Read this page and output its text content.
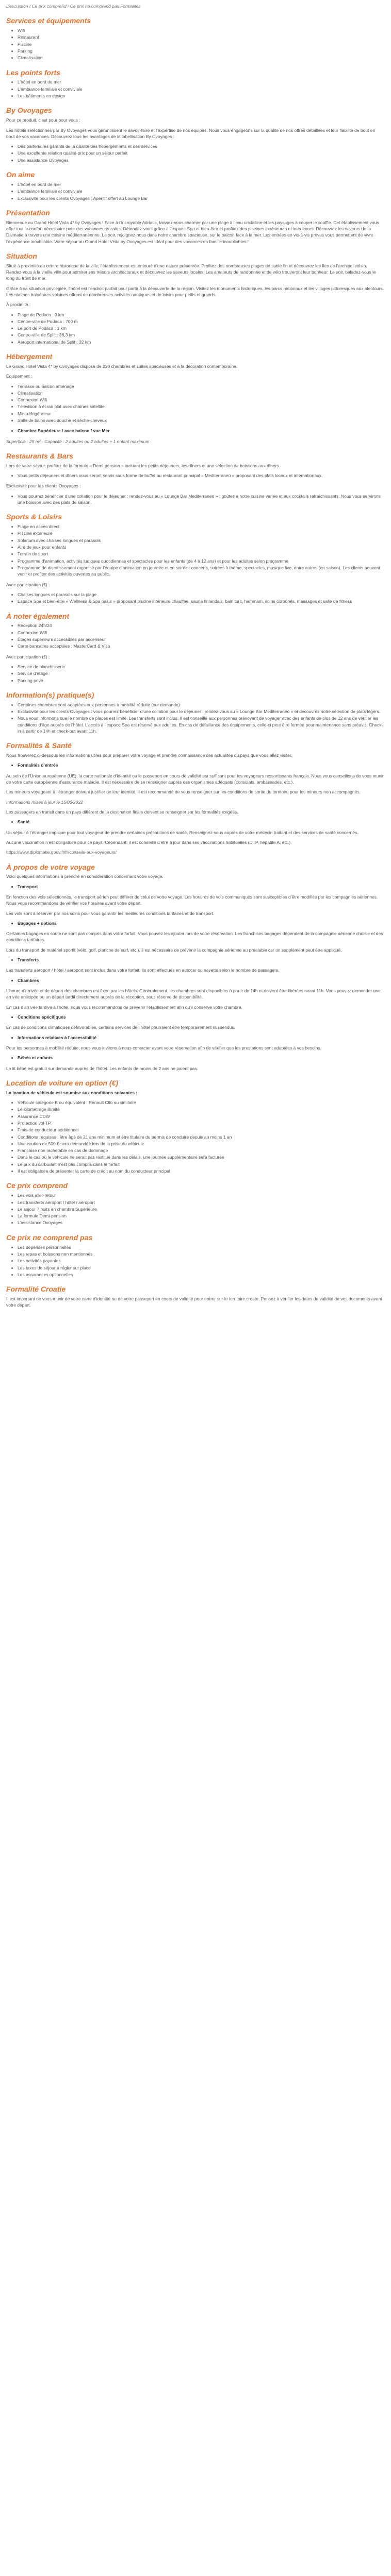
Description / Ce prix comprend / Ce prix ne comprend pas Formalités

Services et équipements
• Wifi
• Restaurant
• Piscine
• Parking
• Climatisation
Les points forts
• L’hôtel en bord de mer
• L’ambiance familiale et conviviale
• Les bâtiments en design
By Ovoyages

Pour ce produit, c’est pour pour vous :

Les hôtels sélectionnés par By Ovoyages vous garantissent le savoir-faire et l’expertise de nos équipes. Nous vous engageons sur la qualité de nos offres détaillées et leur fiabilité de bout en bout de vos vacances. Découvrez tous les avantages de la labellisation By Ovoyages :

• Des partenaires garants de la qualité des hébergements et des services
• Une excellente relation qualité-prix pour un séjour parfait
• Une assistance Ovoyages
On aime
• L’hôtel en bord de mer
• L’ambiance familiale et conviviale
• Exclusivité pour les clients Ovoyages : Aperitif offert au Lounge Bar
Présentation

Bienvenue au Grand Hotel Vista 4* by Ovoyages ! Face à l’incroyable Adriatic, laissez-vous charmer par une plage à l’eau cristalline et les paysages à couper le souffle. Cet établissement vous offre tout le confort nécessaire pour des vacances réussies. Détendez-vous grâce à l’espace Spa et bien-être et profitez des piscines extérieures et intérieures. Découvrez les saveurs de la Dalmatie à travers une cuisine méditerranéenne. Le soir, rejoignez-nous dans notre chambre spacieuse, sur le balcon face à la mer. Les entrées en vis-à-vis prévus vous permettent de vivre l’expérience inoubliable. Votre séjour au Grand Hotel Vista by Ovoyages est idéal pour des vacances en famille inoubliables !

Situation

Situé à proximité du centre historique de la ville, l’établissement est entouré d’une nature préservée. Profitez des nombreuses plages de sable fin et découvrez les îles de l’archipel voisin. Rendez-vous à la vieille ville pour admirer ses trésors architecturaux et découvrez les saveurs locales. Les amateurs de randonnée et de vélo trouveront leur bonheur. Le soir, baladez-vous le long du front de mer.

Grâce à sa situation privilégiée, l’hôtel est l’endroit parfait pour partir à la découverte de la région. Visitez les monuments historiques, les parcs nationaux et les villages pittoresques aux alentours. Les stations balnéaires voisines offrent de nombreuses activités nautiques et de loisirs pour petits et grands.

À proximité :

• Plage de Podaca : 0 km
• Centre-ville de Podaca : 700 m
• Le port de Podaca : 1 km
• Centre-ville de Split : 36,3 km
• Aéroport international de Split : 32 km
Hébergement

Le Grand Hotel Vista 4* by Ovoyages dispose de 230 chambres et suites spacieuses et à la décoration contemporaine.

Équipement :

• Terrasse ou balcon aménagé
• Climatisation
• Connexion Wifi
• Télévision à écran plat avec chaînes satellite
• Mini-réfrigérateur
• Salle de bains avec douche et sèche-cheveux
• Chambre Supérieure / avec balcon / vue Mer

Superficie : 29 m² - Capacité : 2 adultes ou 2 adultes + 1 enfant maximum

Restaurants & Bars

Lors de votre séjour, profitez de la formule « Demi-pension » incluant les petits-déjeuners, les dîners et une sélection de boissons aux dîners.

• Vous petits déjeuners et dîners vous seront servis sous forme de buffet au restaurant principal « Mediterraneo » proposant des plats locaux et internationaux.

Exclusivité pour les clients Ovoyages :

• Vous pourrez bénéficier d’une collation pour le déjeuner : rendez-vous au « Lounge Bar Mediterraneo » : goûtez à notre cuisine variée et aux cocktails rafraîchissants. Nous vous servirons une boisson avec des plats de saison.
Sports & Loisirs
• Plage en accès direct
• Piscine extérieure
• Solarium avec chaises longues et parasols
• Aire de jeux pour enfants
• Terrain de sport
• Programme d’animation, activités ludiques quotidiennes et spectacles pour les enfants (de 4 à 12 ans) et pour les adultes selon programme
• Programme de divertissement organisé par l’équipe d’animation en journée et en soirée : concerts, soirées à thème, spectacles, musique live, entre autres (en saison). Les clients peuvent venir et profiter des activités ouvertes au public.

Avec participation (€) :

• Chaises longues et parasols sur la plage
• Espace Spa et bien-être « Wellness & Spa oasis » proposant piscine intérieure chauffée, sauna finlandais, bain turc, hammam, soins corporels, massages et salle de fitness
À noter également
• Réception 24h/24
• Connexion Wifi
• Étages supérieurs accessibles par ascenseur
• Carte bancaires acceptées : MasterCard & Visa

Avec participation (€) :

• Service de blanchisserie
• Service d’étage
• Parking privé
Information(s) pratique(s)
• Certaines chambres sont adaptées aux personnes à mobilité réduite (sur demande)
• Exclusivité pour les clients Ovoyages : vous pourrez bénéficier d’une collation pour le déjeuner : rendez-vous au « Lounge Bar Mediterraneo » et découvrez notre sélection de plats légers.
• Nous vous informons que le nombre de places est limité. Les transferts sont inclus. Il est conseillé aux personnes prévoyant de voyager avec des enfants de plus de 12 ans de vérifier les conditions d’âge auprès de l’hôtel. L’accès à l’espace Spa est réservé aux adultes. En cas de défaillance des équipements, celle-ci peut être fermée pour maintenance sans préavis. Check-in à partir de 14h et check-out avant 11h.
Formalités & Santé

Nous trouverez ci-dessous les informations utiles pour préparer votre voyage et prendre connaissance des actualités du pays que vous allez visiter.

• Formalités d’entrée

Au sein de l’Union européenne (UE), la carte nationale d’identité ou le passeport en cours de validité est suffisant pour les voyageurs ressortissants français. Nous vous conseillons de vous munir de votre carte européenne d’assurance maladie. Il est nécessaire de se renseigner auprès des organismes adéquats (consulats, ambassades, etc.).

Les mineurs voyageant à l’étranger doivent justifier de leur identité. Il est recommandé de vous renseigner sur les conditions de sortie du territoire pour les mineurs non accompagnés.

Informations mises à jour le 15/06/2022

Les passagers en transit dans un pays différent de la destination finale doivent se renseigner sur les formalités exigées.

• Santé

Un séjour à l’étranger implique pour tout voyageur de prendre certaines précautions de santé. Renseignez-vous auprès de votre médecin traitant et des services de santé concernés.

Aucune vaccination n’est obligatoire pour ce pays. Cependant, il est conseillé d’être à jour dans ses vaccinations habituelles (DTP, hépatite A, etc.).

https://www.diplomatie.gouv.fr/fr/conseils-aux-voyageurs/

À propos de votre voyage

Voici quelques informations à prendre en considération concernant votre voyage.

• Transport

En fonction des vols sélectionnés, le transport aérien peut différer de celui de votre voyage. Les horaires de vols communiqués sont susceptibles d’être modifiés par les compagnies aériennes. Nous vous recommandons de vérifier vos horaires avant votre départ.

Les vols sont à réserver par nos soins pour vous garantir les meilleures conditions tarifaires et de transport.

• Bagages + options

Certaines bagages en soute ne sont pas compris dans votre forfait. Vous pouvez les ajouter lors de votre réservation. Les franchises bagages dépendent de la compagnie aérienne choisie et des conditions tarifaires.

Lors du transport de matériel sportif (vélo, golf, planche de surf, etc.), il est nécessaire de prévenir la compagnie aérienne au préalable car un supplément peut être appliqué.

• Transferts

Les transferts aéroport / hôtel / aéroport sont inclus dans votre forfait. Ils sont effectués en autocar ou navette selon le nombre de passagers.

• Chambres

L’heure d’arrivée et de départ des chambres est fixée par les hôtels. Généralement, les chambres sont disponibles à partir de 14h et doivent être libérées avant 11h. Vous pouvez demander une arrivée anticipée ou un départ tardif directement auprès de la réception, sous réserve de disponibilité.

En cas d’arrivée tardive à l’hôtel, nous vous recommandons de prévenir l’établissement afin qu’il conserve votre chambre.

• Conditions spécifiques

En cas de conditions climatiques défavorables, certains services de l’hôtel pourraient être temporairement suspendus.

• Informations relatives à l’accessibilité

Pour les personnes à mobilité réduite, nous vous invitons à nous contacter avant votre réservation afin de vérifier que les prestations sont adaptées à vos besoins.

• Bébés et enfants

Le lit bébé est gratuit sur demande auprès de l’hôtel. Les enfants de moins de 2 ans ne paient pas.

Location de voiture en option (€)

La location de véhicule est soumise aux conditions suivantes :

• Véhicule catégorie B ou équivalent : Renault Clio ou similaire
• Le kilométrage illimité
• Assurance CDW
• Protection vol TP
• Frais de conducteur additionnel
• Conditions requises : être âgé de 21 ans minimum et être titulaire du permis de conduire depuis au moins 1 an
• Une caution de 500 € sera demandée lors de la prise du véhicule
• Franchise non rachetable en cas de dommage
• Dans le cas où le véhicule ne serait pas restitué dans les délais, une journée supplémentaire sera facturée
• Le prix du carburant n’est pas compris dans le forfait
• Il est obligatoire de présenter la carte de crédit au nom du conducteur principal
Ce prix comprend
• Les vols aller-retour
• Les transferts aéroport / hôtel / aéroport
• Le séjour 7 nuits en chambre Supérieure
• La formule Demi-pension
• L’assistance Ovoyages
Ce prix ne comprend pas
• Les dépenses personnelles
• Les repas et boissons non mentionnés
• Les activités payantes
• Les taxes de séjour à régler sur place
• Les assurances optionnelles
Formalité Croatie

Il est important de vous munir de votre carte d’identité ou de votre passeport en cours de validité pour entrer sur le territoire croate. Pensez à vérifier les dates de validité de vos documents avant votre départ.
